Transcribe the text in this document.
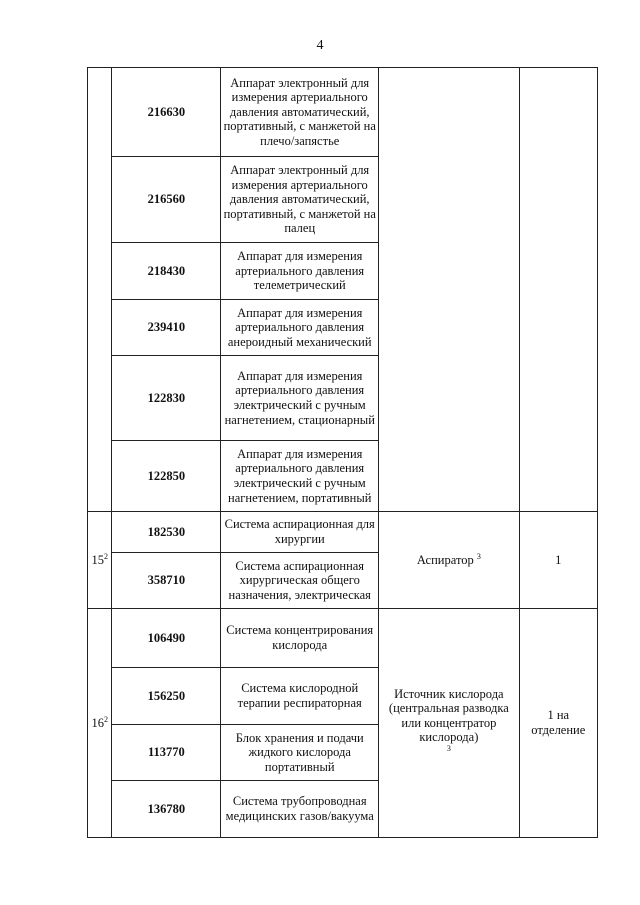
4
	216630	Аппарат электронный для измерения артериального давления автоматический, портативный, с манжетой на плечо/запястье		
	216560	Аппарат электронный для измерения артериального давления автоматический, портативный, с манжетой на палец		
	218430	Аппарат для измерения артериального давления телеметрический		
	239410	Аппарат для измерения артериального давления анероидный механический		
	122830	Аппарат для измерения артериального давления электрический с ручным нагнетением, стационарный		
	122850	Аппарат для измерения артериального давления электрический с ручным нагнетением, портативный		
$15^2$	182530	Система аспирационная для хирургии	Аспиратор $^3$	1
	358710	Система аспирационная хирургическая общего назначения, электрическая		
$16^2$	106490	Система концентрирования кислорода	Источник кислорода (центральная разводка или концентратор кислорода)$^3$	1 на отделение
	156250	Система кислородной терапии респираторная		
	113770	Блок хранения и подачи жидкого кислорода портативный		
	136780	Система трубопроводная медицинских газов/вакуума		
